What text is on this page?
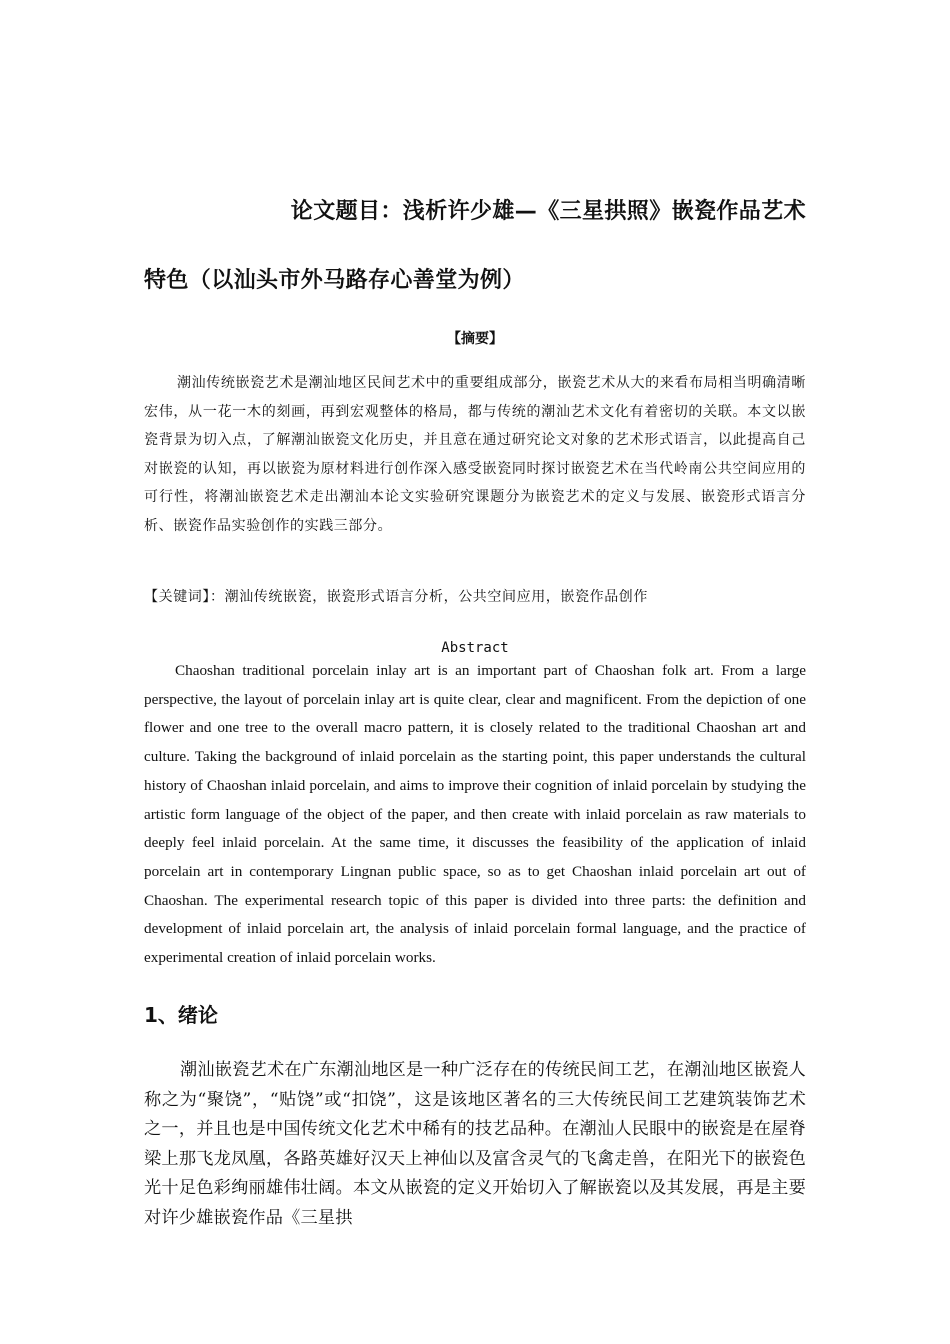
论文题目：浅析许少雄—《三星拱照》嵌瓷作品艺术
特色（以汕头市外马路存心善堂为例）
【摘要】

潮汕传统嵌瓷艺术是潮汕地区民间艺术中的重要组成部分，嵌瓷艺术从大的来看布局相当明确清晰宏伟，从一花一木的刻画，再到宏观整体的格局，都与传统的潮汕艺术文化有着密切的关联。本文以嵌瓷背景为切入点，了解潮汕嵌瓷文化历史，并且意在通过研究论文对象的艺术形式语言，以此提高自己对嵌瓷的认知，再以嵌瓷为原材料进行创作深入感受嵌瓷同时探讨嵌瓷艺术在当代岭南公共空间应用的可行性，将潮汕嵌瓷艺术走出潮汕本论文实验研究课题分为嵌瓷艺术的定义与发展、嵌瓷形式语言分析、嵌瓷作品实验创作的实践三部分。

【关键词】：潮汕传统嵌瓷，嵌瓷形式语言分析，公共空间应用，嵌瓷作品创作
Abstract

Chaoshan traditional porcelain inlay art is an important part of Chaoshan folk art. From a large perspective, the layout of porcelain inlay art is quite clear, clear and magnificent. From the depiction of one flower and one tree to the overall macro pattern, it is closely related to the traditional Chaoshan art and culture. Taking the background of inlaid porcelain as the starting point, this paper understands the cultural history of Chaoshan inlaid porcelain, and aims to improve their cognition of inlaid porcelain by studying the artistic form language of the object of the paper, and then create with inlaid porcelain as raw materials to deeply feel inlaid porcelain. At the same time, it discusses the feasibility of the application of inlaid porcelain art in contemporary Lingnan public space, so as to get Chaoshan inlaid porcelain art out of Chaoshan. The experimental research topic of this paper is divided into three parts: the definition and development of inlaid porcelain art, the analysis of inlaid porcelain formal language, and the practice of experimental creation of inlaid porcelain works.

1、绪论

潮汕嵌瓷艺术在广东潮汕地区是一种广泛存在的传统民间工艺，在潮汕地区嵌瓷人称之为“聚饶”，“贴饶”或“扣饶”，这是该地区著名的三大传统民间工艺建筑装饰艺术之一，并且也是中国传统文化艺术中稀有的技艺品种。在潮汕人民眼中的嵌瓷是在屋脊梁上那飞龙凤凰，各路英雄好汉天上神仙以及富含灵气的飞禽走兽，在阳光下的嵌瓷色光十足色彩绚丽雄伟壮阔。本文从嵌瓷的定义开始切入了解嵌瓷以及其发展，再是主要对许少雄嵌瓷作品《三星拱
